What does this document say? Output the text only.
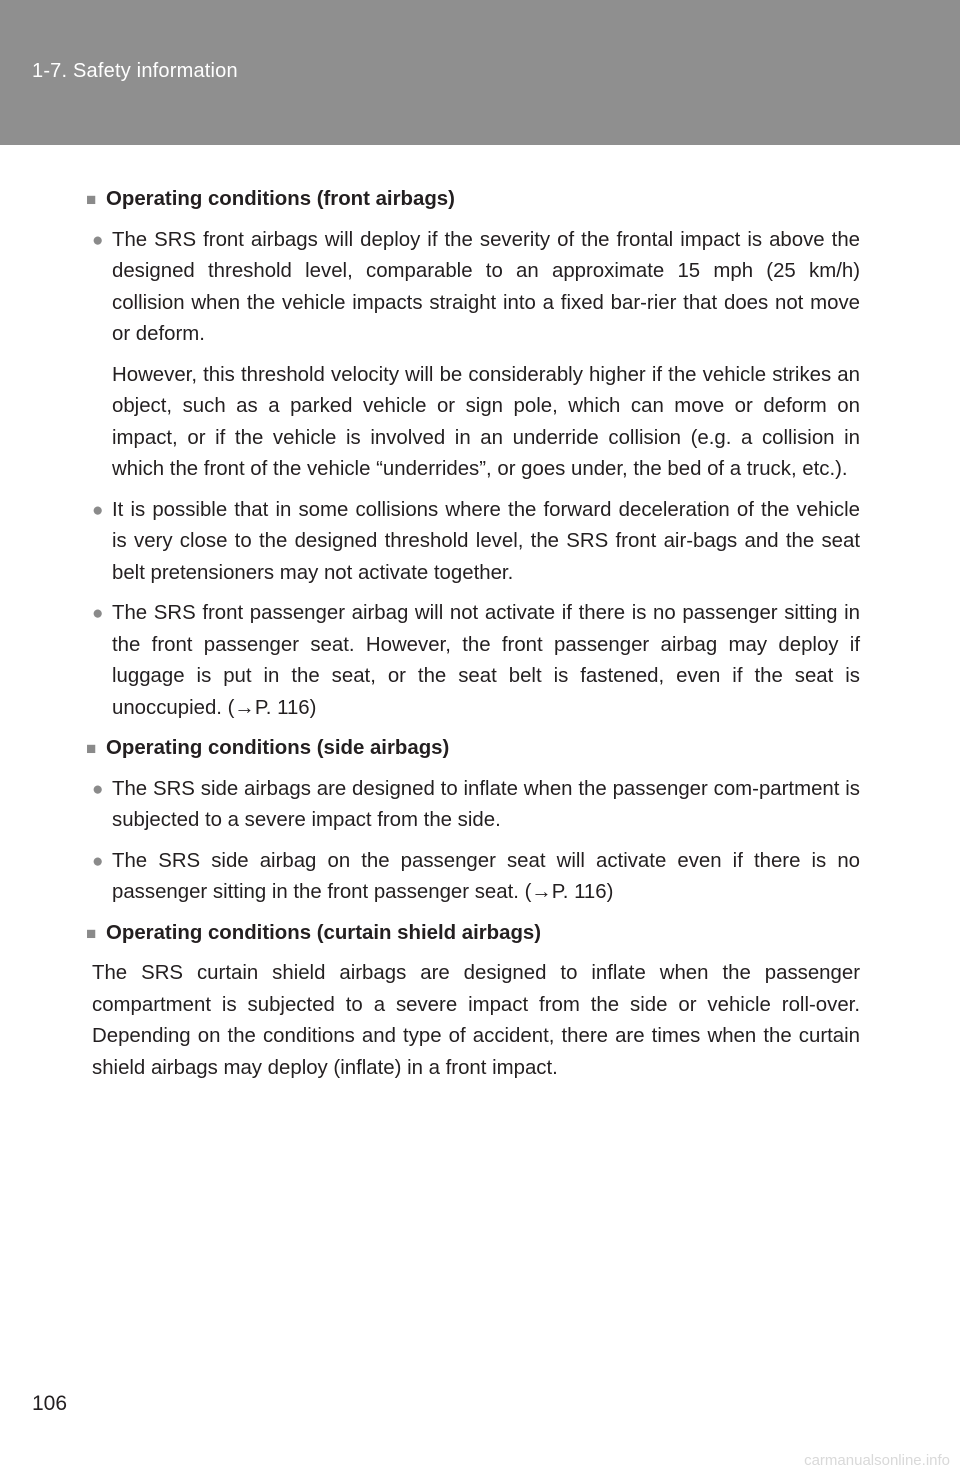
1-7. Safety information
■ Operating conditions (front airbags)
● The SRS front airbags will deploy if the severity of the frontal impact is above the designed threshold level, comparable to an approximate 15 mph (25 km/h) collision when the vehicle impacts straight into a fixed bar-rier that does not move or deform.
However, this threshold velocity will be considerably higher if the vehicle strikes an object, such as a parked vehicle or sign pole, which can move or deform on impact, or if the vehicle is involved in an underride collision (e.g. a collision in which the front of the vehicle “underrides”, or goes under, the bed of a truck, etc.).
● It is possible that in some collisions where the forward deceleration of the vehicle is very close to the designed threshold level, the SRS front air-bags and the seat belt pretensioners may not activate together.
● The SRS front passenger airbag will not activate if there is no passenger sitting in the front passenger seat. However, the front passenger airbag may deploy if luggage is put in the seat, or the seat belt is fastened, even if the seat is unoccupied. (→P. 116)
■ Operating conditions (side airbags)
● The SRS side airbags are designed to inflate when the passenger com-partment is subjected to a severe impact from the side.
● The SRS side airbag on the passenger seat will activate even if there is no passenger sitting in the front passenger seat. (→P. 116)
■ Operating conditions (curtain shield airbags)
The SRS curtain shield airbags are designed to inflate when the passenger compartment is subjected to a severe impact from the side or vehicle roll-over. Depending on the conditions and type of accident, there are times when the curtain shield airbags may deploy (inflate) in a front impact.
106
carmanualsonline.info
